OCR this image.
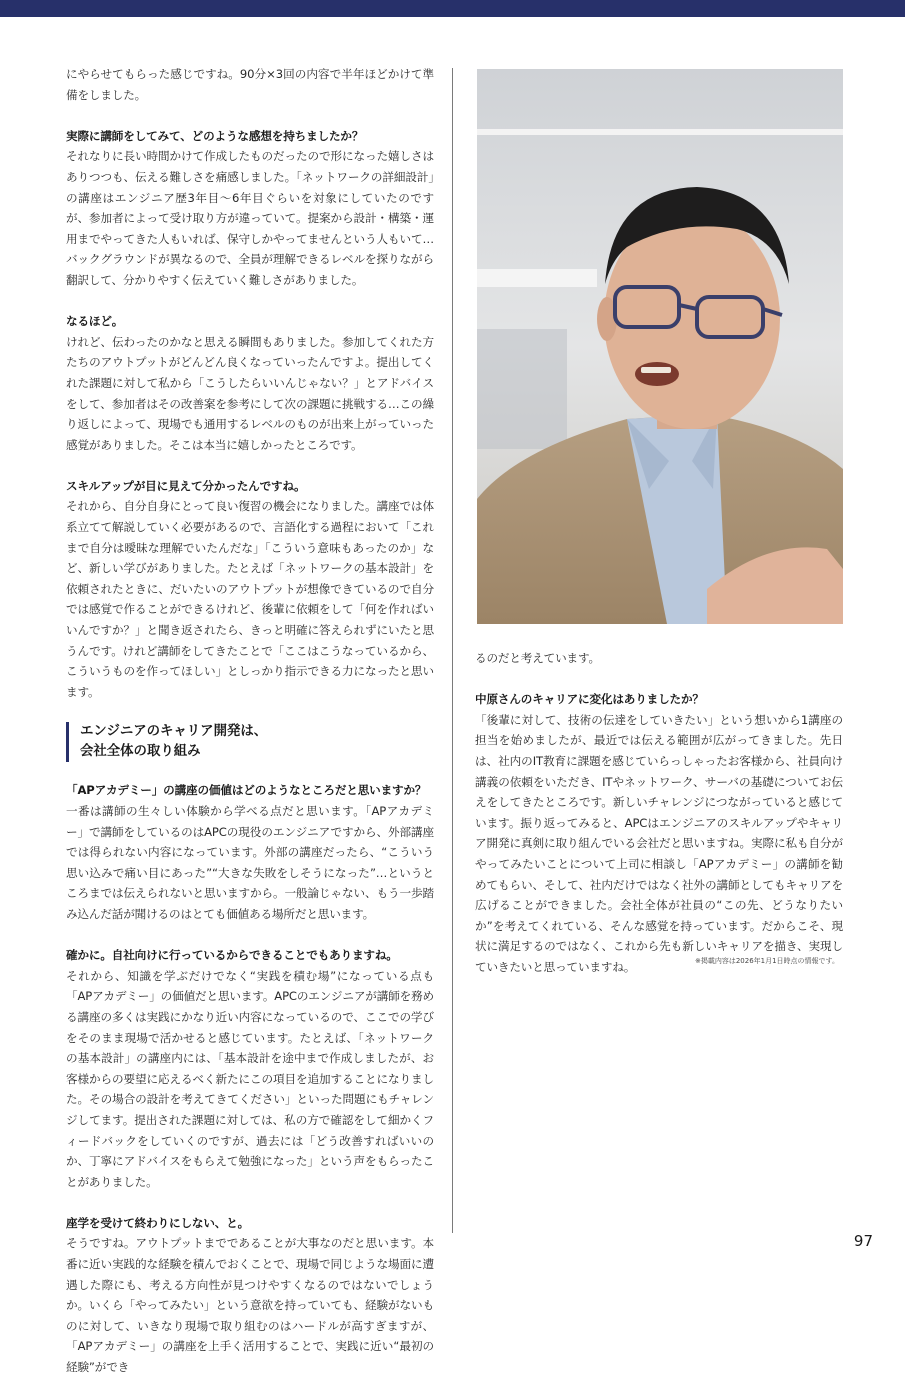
にやらせてもらった感じですね。90分×3回の内容で半年ほどかけて準備をしました。

実際に講師をしてみて、どのような感想を持ちましたか？

それなりに長い時間かけて作成したものだったので形になった嬉しさはありつつも、伝える難しさを痛感しました。「ネットワークの詳細設計」の講座はエンジニア歴3年目〜6年目ぐらいを対象にしていたのですが、参加者によって受け取り方が違っていて。提案から設計・構築・運用までやってきた人もいれば、保守しかやってませんという人もいて…バックグラウンドが異なるので、全員が理解できるレベルを探りながら翻訳して、分かりやすく伝えていく難しさがありました。

なるほど。

けれど、伝わったのかなと思える瞬間もありました。参加してくれた方たちのアウトプットがどんどん良くなっていったんですよ。提出してくれた課題に対して私から「こうしたらいいんじゃない？」とアドバイスをして、参加者はその改善案を参考にして次の課題に挑戦する…この繰り返しによって、現場でも通用するレベルのものが出来上がっていった感覚がありました。そこは本当に嬉しかったところです。

スキルアップが目に見えて分かったんですね。

それから、自分自身にとって良い復習の機会になりました。講座では体系立てて解説していく必要があるので、言語化する過程において「これまで自分は曖昧な理解でいたんだな」「こういう意味もあったのか」など、新しい学びがありました。たとえば「ネットワークの基本設計」を依頼されたときに、だいたいのアウトプットが想像できているので自分では感覚で作ることができるけれど、後輩に依頼をして「何を作ればいいんですか？」と聞き返されたら、きっと明確に答えられずにいたと思うんです。けれど講師をしてきたことで「ここはこうなっているから、こういうものを作ってほしい」としっかり指示できる力になったと思います。

エンジニアのキャリア開発は、
会社全体の取り組み

「APアカデミー」の講座の価値はどのようなところだと思いますか？

一番は講師の生々しい体験から学べる点だと思います。「APアカデミー」で講師をしているのはAPCの現役のエンジニアですから、外部講座では得られない内容になっています。外部の講座だったら、“こういう思い込みで痛い目にあった”“大きな失敗をしそうになった”…というところまでは伝えられないと思いますから。一般論じゃない、もう一歩踏み込んだ話が聞けるのはとても価値ある場所だと思います。

確かに。自社向けに行っているからできることでもありますね。

それから、知識を学ぶだけでなく“実践を積む場”になっている点も「APアカデミー」の価値だと思います。APCのエンジニアが講師を務める講座の多くは実践にかなり近い内容になっているので、ここでの学びをそのまま現場で活かせると感じています。たとえば、「ネットワークの基本設計」の講座内には、「基本設計を途中まで作成しましたが、お客様からの要望に応えるべく新たにこの項目を追加することになりました。その場合の設計を考えてきてください」といった問題にもチャレンジしてます。提出された課題に対しては、私の方で確認をして細かくフィードバックをしていくのですが、過去には「どう改善すればいいのか、丁寧にアドバイスをもらえて勉強になった」という声をもらったことがありました。

座学を受けて終わりにしない、と。

そうですね。アウトプットまでであることが大事なのだと思います。本番に近い実践的な経験を積んでおくことで、現場で同じような場面に遭遇した際にも、考える方向性が見つけやすくなるのではないでしょうか。いくら「やってみたい」という意欲を持っていても、経験がないものに対して、いきなり現場で取り組むのはハードルが高すぎますが、「APアカデミー」の講座を上手く活用することで、実践に近い“最初の経験”ができ

るのだと考えています。

中原さんのキャリアに変化はありましたか？

「後輩に対して、技術の伝達をしていきたい」という想いから1講座の担当を始めましたが、最近では伝える範囲が広がってきました。先日は、社内のIT教育に課題を感じていらっしゃったお客様から、社員向け講義の依頼をいただき、ITやネットワーク、サーバの基礎についてお伝えをしてきたところです。新しいチャレンジにつながっていると感じています。振り返ってみると、APCはエンジニアのスキルアップやキャリア開発に真剣に取り組んでいる会社だと思いますね。実際に私も自分がやってみたいことについて上司に相談し「APアカデミー」の講師を勧めてもらい、そして、社内だけではなく社外の講師としてもキャリアを広げることができました。会社全体が社員の“この先、どうなりたいか”を考えてくれている、そんな感覚を持っています。だからこそ、現状に満足するのではなく、これから先も新しいキャリアを描き、実現していきたいと思っていますね。	※掲載内容は2026年1月1日時点の情報です。
97
